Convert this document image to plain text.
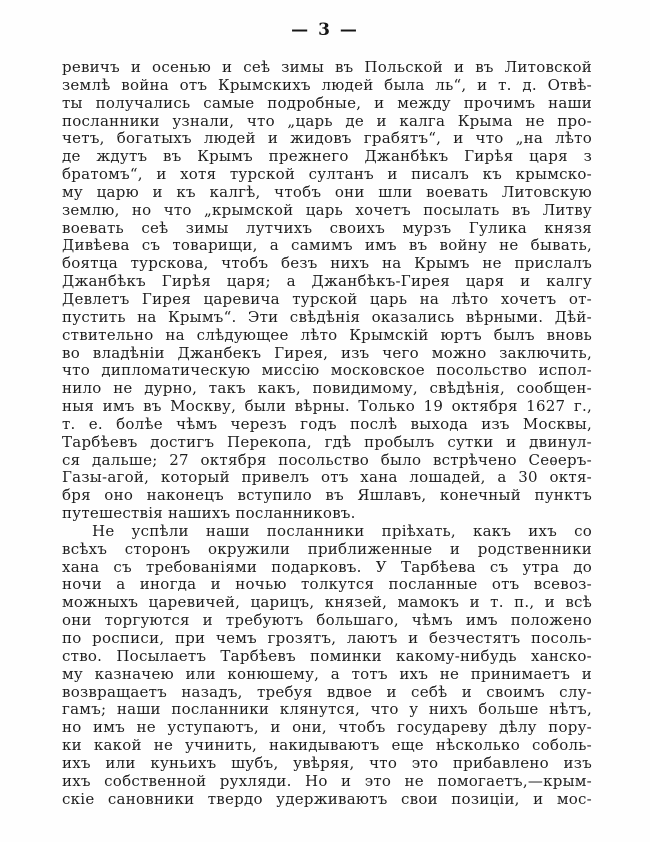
— 3 —
ревичъ и осенью и сеѣ зимы въ Польской и въ Литовской
землѣ война отъ Крымскихъ людей была ль“, и т. д. Отвѣ-
ты получались самые подробные, и между прочимъ наши
посланники узнали, что „царь де и калга Крыма не про-
четъ, богатыхъ людей и жидовъ грабятъ“, и что „на лѣто
де ждутъ въ Крымъ прежнего Джанбѣкъ Гирѣя царя з
братомъ“, и хотя турской султанъ и писалъ къ крымско-
му царю и къ калгѣ, чтобъ они шли воевать Литовскую
землю, но что „крымской царь хочетъ посылать въ Литву
воевать сеѣ зимы лутчихъ своихъ мурзъ Гулика князя
Дивѣева съ товарищи, а самимъ имъ въ войну не бывать,
боятца турскова, чтобъ безъ нихъ на Крымъ не прислалъ
Джанбѣкъ Гирѣя царя; а Джанбѣкъ-Гирея царя и калгу
Девлетъ Гирея царевича турской царь на лѣто хочетъ от-
пустить на Крымъ“. Эти свѣдѣнія оказались вѣрными. Дѣй-
ствительно на слѣдующее лѣто Крымскій юртъ былъ вновь
во владѣніи Джанбекъ Гирея, изъ чего можно заключить,
что дипломатическую миссію московское посольство испол-
нило не дурно, такъ какъ, повидимому, свѣдѣнія, сообщен-
ныя имъ въ Москву, были вѣрны. Только 19 октября 1627 г.,
т. е. болѣе чѣмъ черезъ годъ послѣ выхода изъ Москвы,
Тарбѣевъ достигъ Перекопа, гдѣ пробылъ сутки и двинул-
ся дальше; 27 октября посольство было встрѣчено Сеѳеръ-
Газы-агой, который привелъ отъ хана лошадей, а 30 октя-
бря оно наконецъ вступило въ Яшлавъ, конечный пунктъ
путешествія нашихъ посланниковъ.
Не успѣли наши посланники пріѣхать, какъ ихъ со
всѣхъ сторонъ окружили приближенные и родственники
хана съ требованіями подарковъ. У Тарбѣева съ утра до
ночи а иногда и ночью толкутся посланные отъ всевоз-
можныхъ царевичей, царицъ, князей, мамокъ и т. п., и всѣ
они торгуются и требуютъ большаго, чѣмъ имъ положено
по росписи, при чемъ грозятъ, лаютъ и безчестятъ посоль-
ство. Посылаетъ Тарбѣевъ поминки какому-нибудь ханско-
му казначею или конюшему, а тотъ ихъ не принимаетъ и
возвращаетъ назадъ, требуя вдвое и себѣ и своимъ слу-
гамъ; наши посланники клянутся, что у нихъ больше нѣтъ,
но имъ не уступаютъ, и они, чтобъ государеву дѣлу пору-
ки какой не учинить, накидываютъ еще нѣсколько соболь-
ихъ или куньихъ шубъ, увѣряя, что это прибавлено изъ
ихъ собственной рухляди. Но и это не помогаетъ,—крым-
скіе сановники твердо удерживаютъ свои позиціи, и мос-
